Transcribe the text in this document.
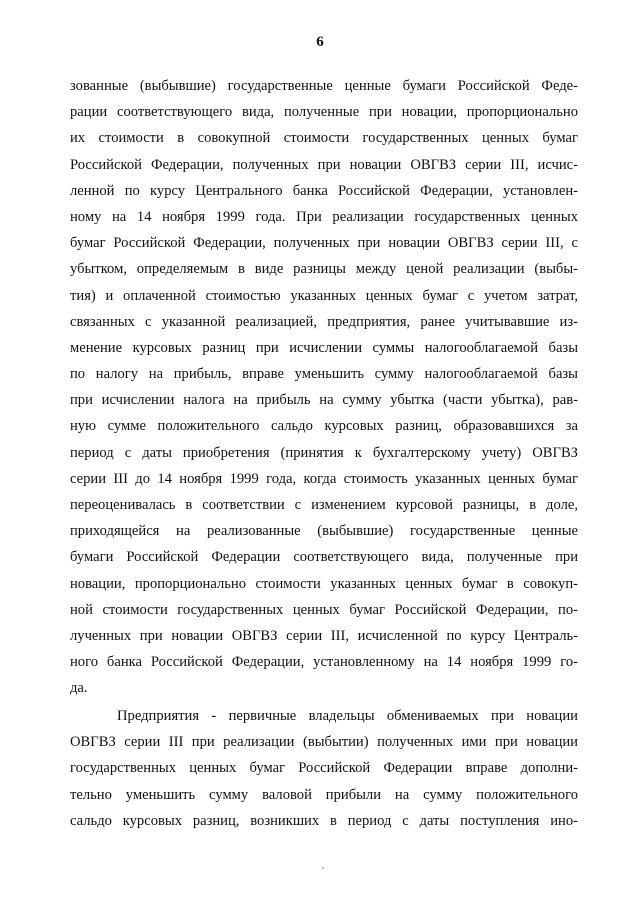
6
зованные (выбывшие) государственные ценные бумаги Российской Феде-
рации соответствующего вида, полученные при новации, пропорционально
их стоимости в совокупной стоимости государственных ценных бумаг
Российской Федерации, полученных при новации ОВГВЗ серии III, исчис-
ленной по курсу Центрального банка Российской Федерации, установлен-
ному на 14 ноября 1999 года. При реализации государственных ценных
бумаг Российской Федерации, полученных при новации ОВГВЗ серии III, с
убытком, определяемым в виде разницы между ценой реализации (выбы-
тия) и оплаченной стоимостью указанных ценных бумаг с учетом затрат,
связанных с указанной реализацией, предприятия, ранее учитывавшие из-
менение курсовых разниц при исчислении суммы налогооблагаемой базы
по налогу на прибыль, вправе уменьшить сумму налогооблагаемой базы
при исчислении налога на прибыль на сумму убытка (части убытка), рав-
ную сумме положительного сальдо курсовых разниц, образовавшихся за
период с даты приобретения (принятия к бухгалтерскому учету) ОВГВЗ
серии III до 14 ноября 1999 года, когда стоимость указанных ценных бумаг
переоценивалась в соответствии с изменением курсовой разницы, в доле,
приходящейся на реализованные (выбывшие) государственные ценные
бумаги Российской Федерации соответствующего вида, полученные при
новации, пропорционально стоимости указанных ценных бумаг в совокуп-
ной стоимости государственных ценных бумаг Российской Федерации, по-
лученных при новации ОВГВЗ серии III, исчисленной по курсу Централь-
ного банка Российской Федерации, установленному на 14 ноября 1999 го-
да.
Предприятия - первичные владельцы обмениваемых при новации
ОВГВЗ серии III при реализации (выбытии) полученных ими при новации
государственных ценных бумаг Российской Федерации вправе дополни-
тельно уменьшить сумму валовой прибыли на сумму положительного
сальдо курсовых разниц, возникших в период с даты поступления ино-
